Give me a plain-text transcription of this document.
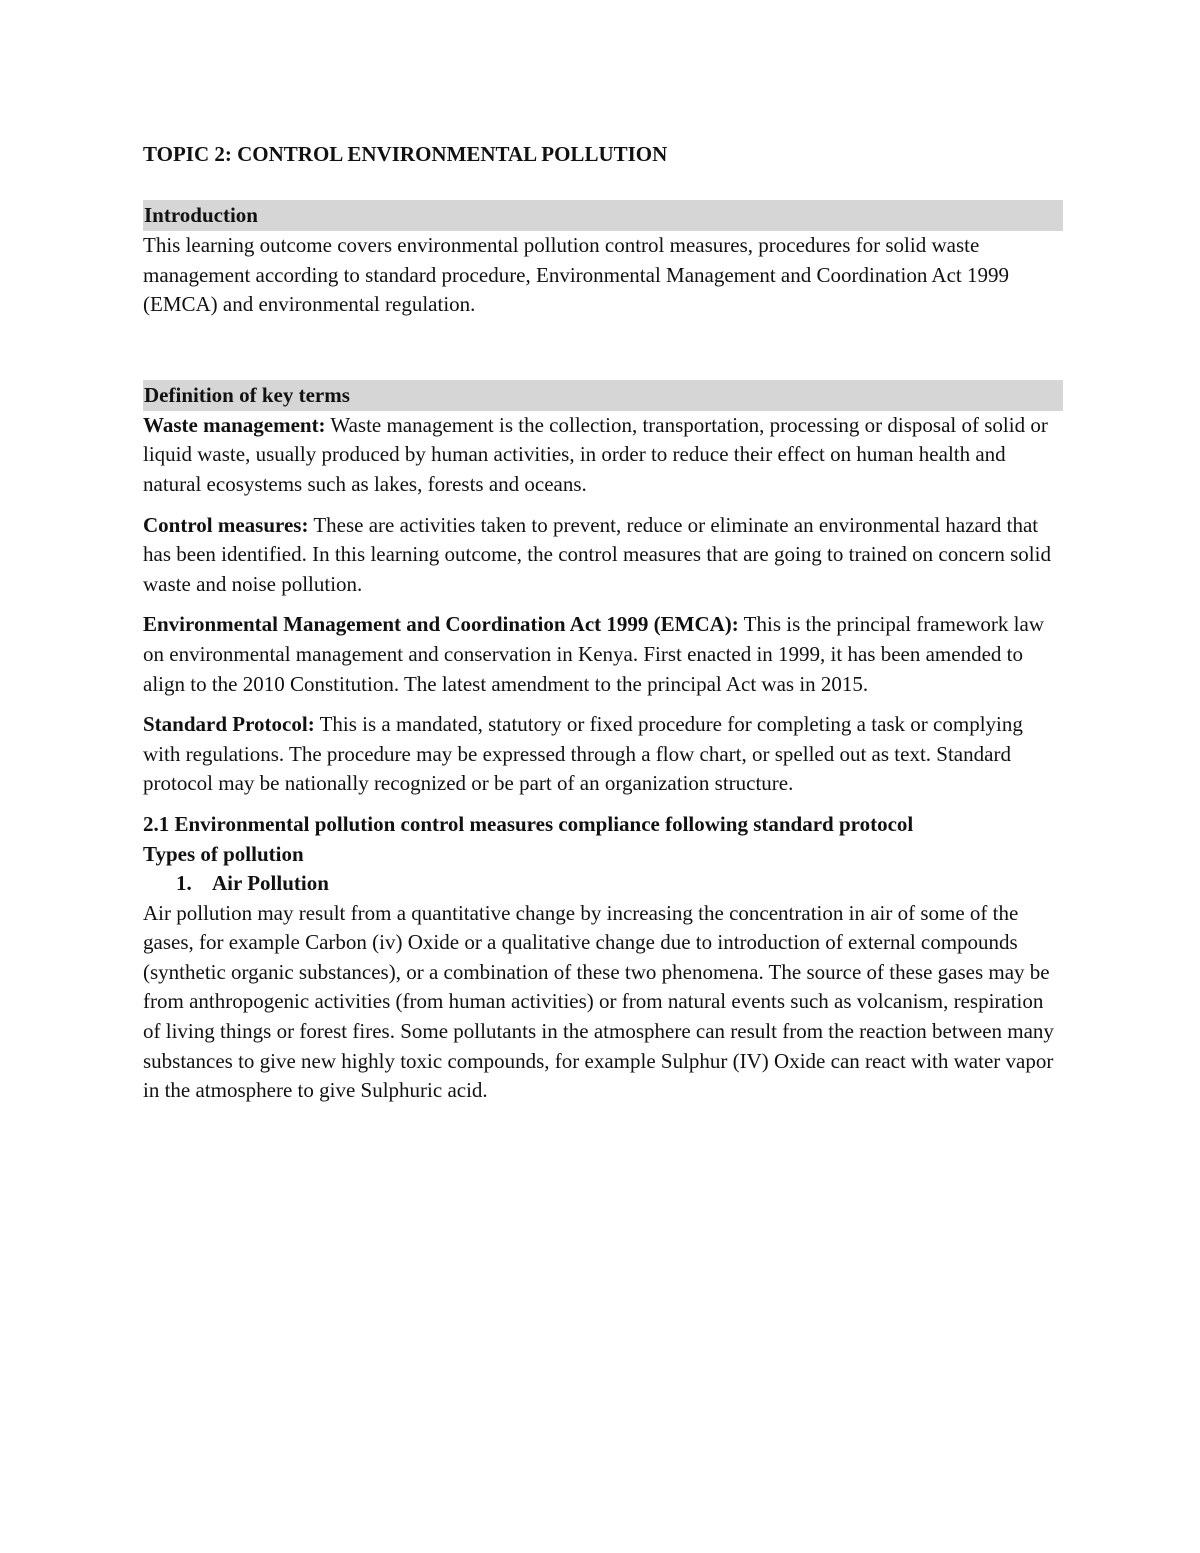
TOPIC 2: CONTROL ENVIRONMENTAL POLLUTION
Introduction

This learning outcome covers environmental pollution control measures, procedures for solid waste management according to standard procedure, Environmental Management and Coordination Act 1999 (EMCA) and environmental regulation.

Definition of key terms

Waste management: Waste management is the collection, transportation, processing or disposal of solid or liquid waste, usually produced by human activities, in order to reduce their effect on human health and natural ecosystems such as lakes, forests and oceans.

Control measures: These are activities taken to prevent, reduce or eliminate an environmental hazard that has been identified. In this learning outcome, the control measures that are going to trained on concern solid waste and noise pollution.

Environmental Management and Coordination Act 1999 (EMCA): This is the principal framework law on environmental management and conservation in Kenya. First enacted in 1999, it has been amended to align to the 2010 Constitution. The latest amendment to the principal Act was in 2015.

Standard Protocol: This is a mandated, statutory or fixed procedure for completing a task or complying with regulations. The procedure may be expressed through a flow chart, or spelled out as text. Standard protocol may be nationally recognized or be part of an organization structure.

2.1 Environmental pollution control measures compliance following standard protocol
Types of pollution
1. Air Pollution

Air pollution may result from a quantitative change by increasing the concentration in air of some of the gases, for example Carbon (iv) Oxide or a qualitative change due to introduction of external compounds (synthetic organic substances), or a combination of these two phenomena. The source of these gases may be from anthropogenic activities (from human activities) or from natural events such as volcanism, respiration of living things or forest fires. Some pollutants in the atmosphere can result from the reaction between many substances to give new highly toxic compounds, for example Sulphur (IV) Oxide can react with water vapor in the atmosphere to give Sulphuric acid.
